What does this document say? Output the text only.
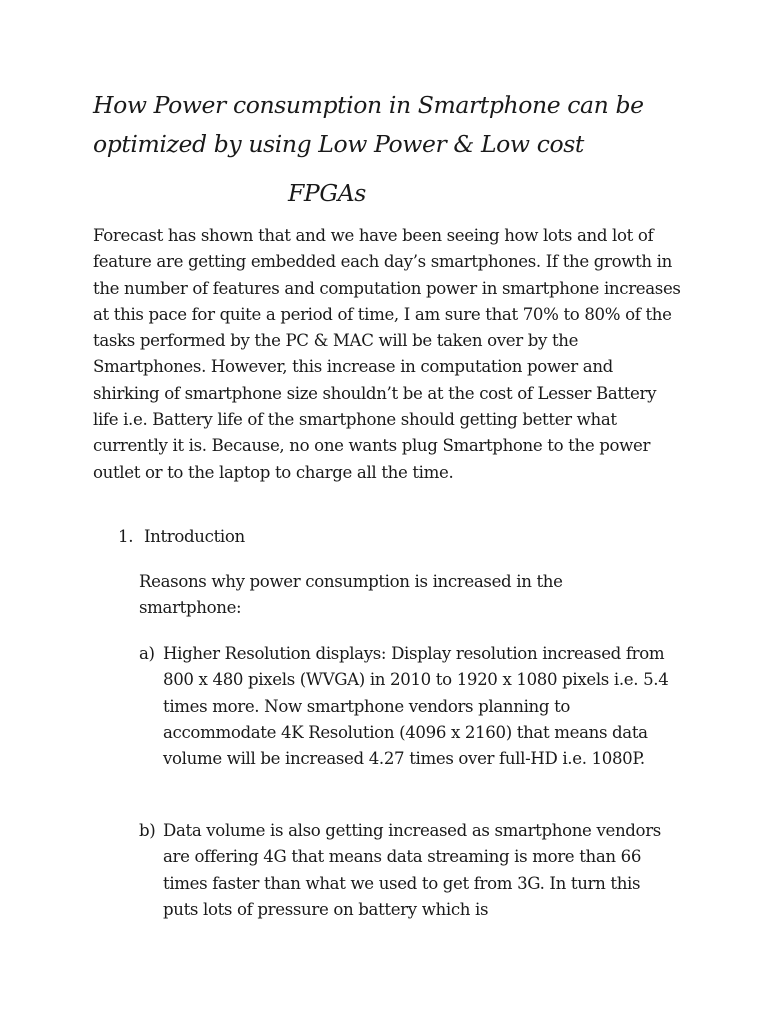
How Power consumption in Smartphone can be optimized by using Low Power & Low cost
FPGAs

Forecast has shown that and we have been seeing how lots and lot of feature are getting embedded each day’s smartphones. If the growth in the number of features and computation power in smartphone increases at this pace for quite a period of time, I am sure that 70% to 80% of the tasks performed by the PC & MAC will be taken over by the Smartphones. However, this increase in computation power and shirking of smartphone size shouldn’t be at the cost of Lesser Battery life i.e. Battery life of the smartphone should getting better what currently it is. Because, no one wants plug Smartphone to the power outlet or to the laptop to charge all the time.

1. Introduction

Reasons why power consumption is increased in the smartphone:

a) Higher Resolution displays: Display resolution increased from 800 x 480 pixels (WVGA) in 2010 to 1920 x 1080 pixels i.e. 5.4 times more. Now smartphone vendors planning to accommodate 4K Resolution (4096 x 2160) that means data volume will be increased 4.27 times over full-HD i.e. 1080P.
b) Data volume is also getting increased as smartphone vendors are offering 4G that means data streaming is more than 66 times faster than what we used to get from 3G. In turn this puts lots of pressure on battery which is
